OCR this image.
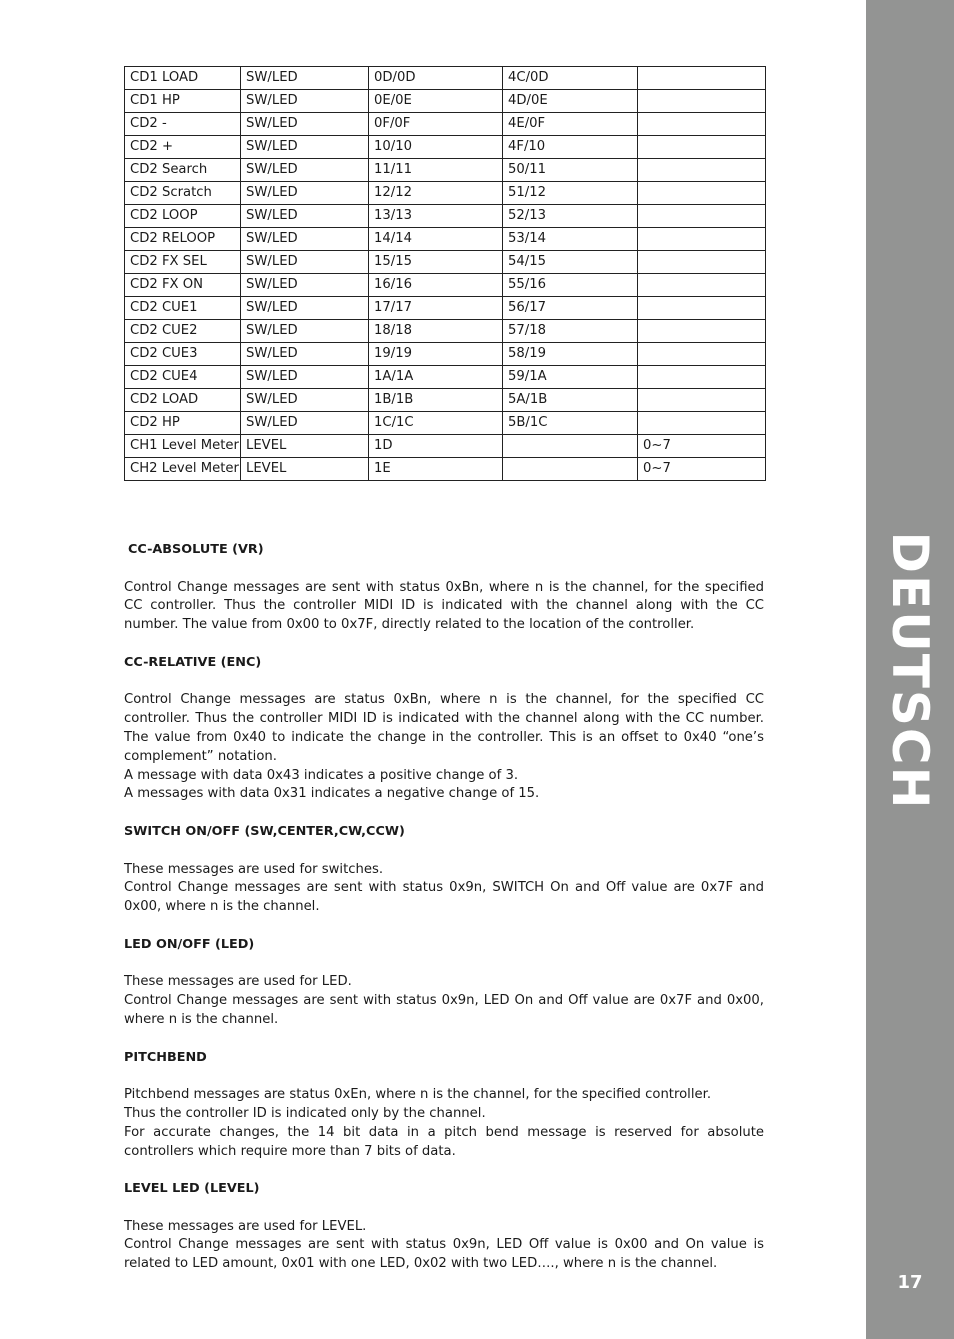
DEUTSCH
17
CD1 LOAD	SW/LED	0D/0D	4C/0D	
CD1 HP	SW/LED	0E/0E	4D/0E	
CD2 -	SW/LED	0F/0F	4E/0F	
CD2 +	SW/LED	10/10	4F/10	
CD2 Search	SW/LED	11/11	50/11	
CD2 Scratch	SW/LED	12/12	51/12	
CD2 LOOP	SW/LED	13/13	52/13	
CD2 RELOOP	SW/LED	14/14	53/14	
CD2 FX SEL	SW/LED	15/15	54/15	
CD2 FX ON	SW/LED	16/16	55/16	
CD2 CUE1	SW/LED	17/17	56/17	
CD2 CUE2	SW/LED	18/18	57/18	
CD2 CUE3	SW/LED	19/19	58/19	
CD2 CUE4	SW/LED	1A/1A	59/1A	
CD2 LOAD	SW/LED	1B/1B	5A/1B	
CD2 HP	SW/LED	1C/1C	5B/1C	
CH1 Level Meter	LEVEL	1D		0~7
CH2 Level Meter	LEVEL	1E		0~7
CC-ABSOLUTE (VR)

Control Change messages are sent with status 0xBn, where n is the channel, for the specified CC controller. Thus the controller MIDI ID is indicated with the channel along with the CC number. The value from 0x00 to 0x7F, directly related to the location of the controller.

CC-RELATIVE (ENC)

Control Change messages are status 0xBn, where n is the channel, for the specified CC controller. Thus the controller MIDI ID is indicated with the channel along with the CC number. The value from 0x40 to indicate the change in the controller. This is an offset to 0x40 “one’s complement” notation.

A message with data 0x43 indicates a positive change of 3.

A messages with data 0x31 indicates a negative change of 15.

SWITCH ON/OFF (SW,CENTER,CW,CCW)

These messages are used for switches.

Control Change messages are sent with status 0x9n, SWITCH On and Off value are 0x7F and 0x00, where n is the channel.

LED ON/OFF (LED)

These messages are used for LED.

Control Change messages are sent with status 0x9n, LED On and Off value are 0x7F and 0x00, where n is the channel.

PITCHBEND

Pitchbend messages are status 0xEn, where n is the channel, for the specified controller.

Thus the controller ID is indicated only by the channel.

For accurate changes, the 14 bit data in a pitch bend message is reserved for absolute controllers which require more than 7 bits of data.

LEVEL LED (LEVEL)

These messages are used for LEVEL.

Control Change messages are sent with status 0x9n, LED Off value is 0x00 and On value is related to LED amount, 0x01 with one LED, 0x02 with two LED…., where n is the channel.
